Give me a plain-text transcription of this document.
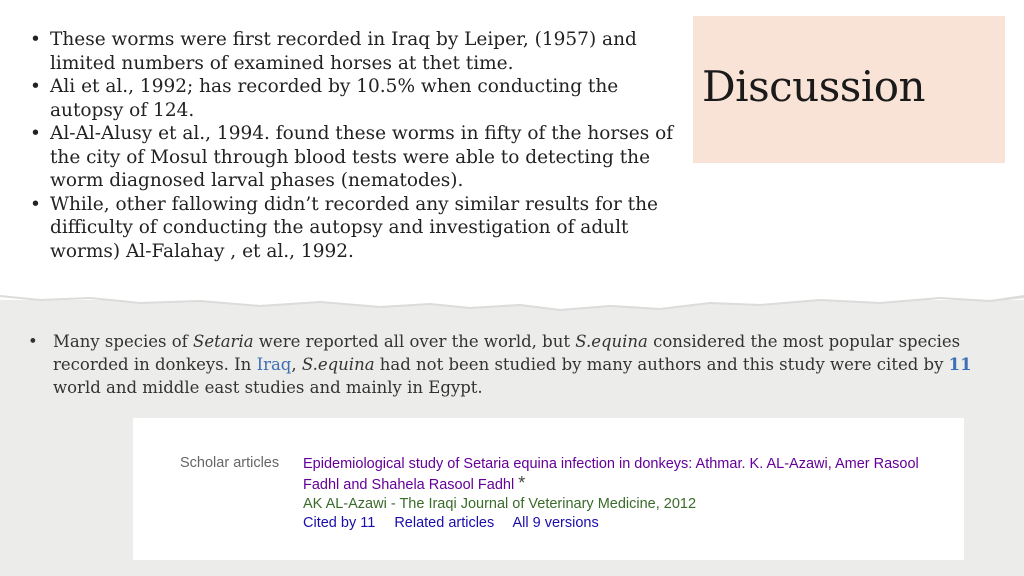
• These worms were first recorded in Iraq by Leiper, (1957) and limited numbers of examined horses at thet time.
• Ali et al., 1992; has recorded by 10.5% when conducting the autopsy of 124.
• Al-Al-Alusy et al., 1994. found these worms in fifty of the horses of the city of Mosul through blood tests were able to detecting the worm diagnosed larval phases (nematodes).
• While, other fallowing didn’t recorded any similar results for the difficulty of conducting the autopsy and investigation of adult worms) Al-Falahay , et al., 1992.
Discussion
• Many species of Setaria were reported all over the world, but S.equina considered the most popular species recorded in donkeys. In Iraq, S.equina had not been studied by many authors and this study were cited by 11 world and middle east studies and mainly in Egypt.
Scholar articles Epidemiological study of Setaria equina infection in donkeys: Athmar. K. AL-Azawi, Amer Rasool Fadhl and Shahela Rasool Fadhl *
AK AL-Azawi - The Iraqi Journal of Veterinary Medicine, 2012
Cited by 11 Related articles All 9 versions
